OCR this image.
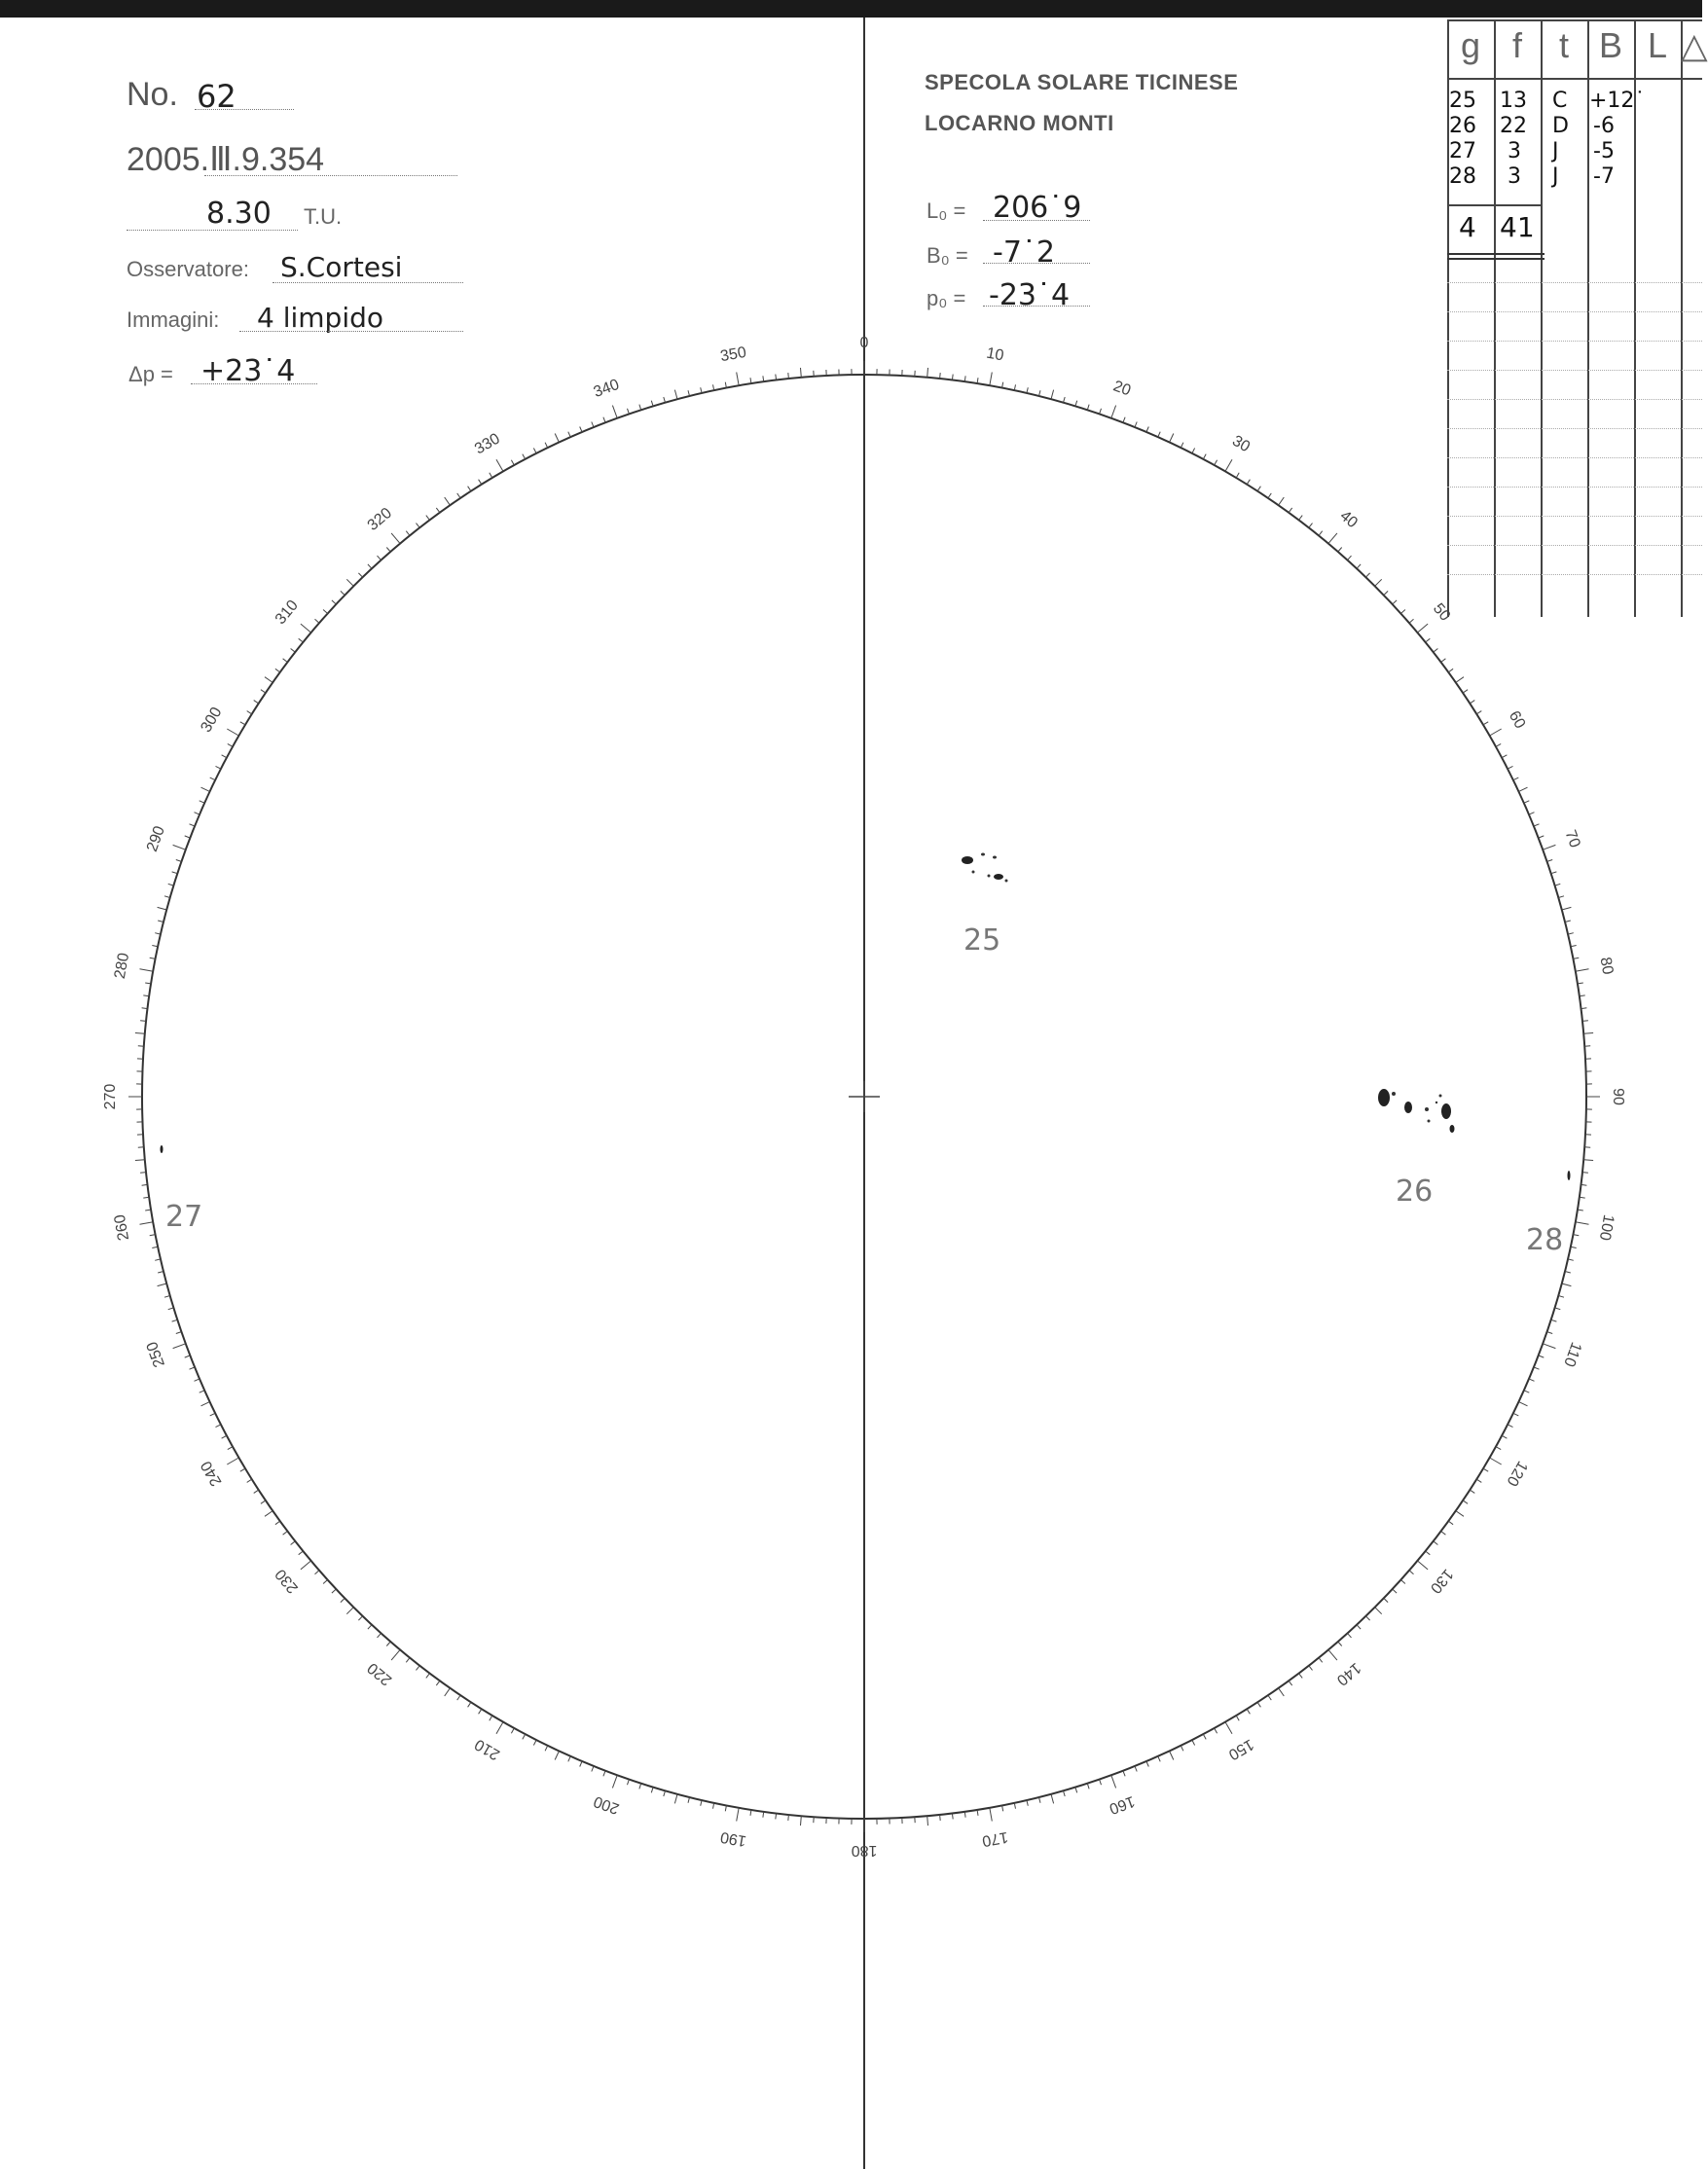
No. 62
2005.Ⅲ.9.354
8.30 T.U.
Osservatore: S.Cortesi
Immagini: 4 limpido
Δp = +23˙4
SPECOLA SOLARE TICINESE
LOCARNO MONTI
L₀ = 206˙9
B₀ = -7˙2
p₀ = -23˙4
g f	t B L △
25 13 C +12˙
26 22 D -6
27 3 J -5
28 3 J -7
4 41
0
10
20
30
40
50
60
70
80
90
100
110
120
130
140
150
160
170
180
190
200
210
220
230
240
250
260
270
280
290
300
310
320
330
340
350
25
26
27
28
